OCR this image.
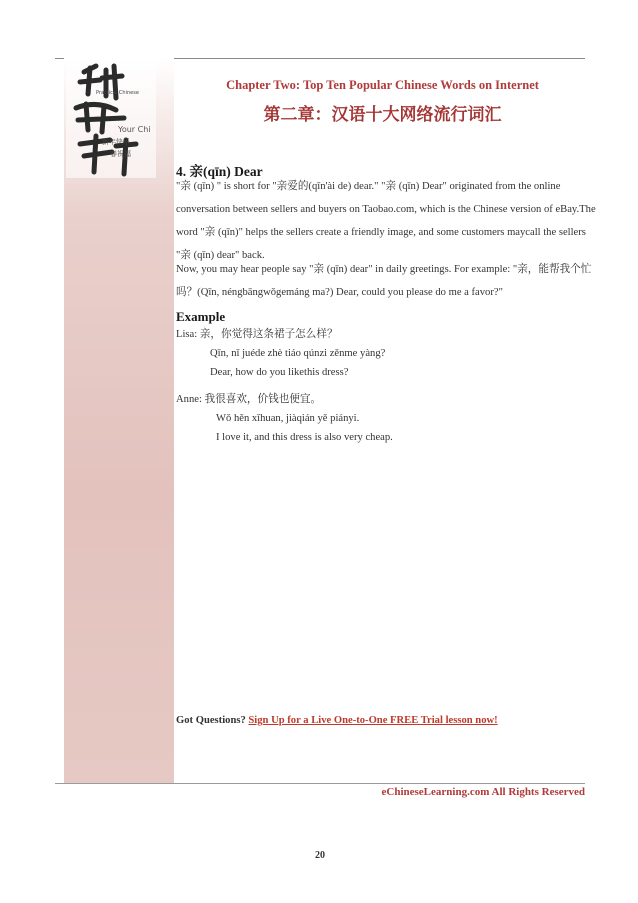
Practical Chinese
Your Chi
新年快乐
春祝福
Chapter Two: Top Ten Popular Chinese Words on Internet
第二章：汉语十大网络流行词汇
4. 亲(qīn) Dear
"亲 (qīn) " is short for "亲爱的(qīn'ài de) dear." "亲 (qīn) Dear" originated from the online conversation between sellers and buyers on Taobao.com, which is the Chinese version of eBay.The word "亲 (qīn)" helps the sellers create a friendly image, and some customers maycall the sellers "亲 (qīn) dear" back.
Now, you may hear people say "亲 (qīn) dear" in daily greetings. For example: "亲，能帮我个忙吗？(Qīn, néngbāngwǒgemáng ma?) Dear, could you please do me a favor?"
Example
Lisa: 亲，你觉得这条裙子怎么样？
Qīn, nǐ juéde zhè tiáo qúnzi zěnme yàng?
Dear, how do you likethis dress?
Anne: 我很喜欢，价钱也便宜。
Wǒ hěn xǐhuan, jiàqián yě piányi.
I love it, and this dress is also very cheap.
Got Questions? Sign Up for a Live One-to-One FREE Trial lesson now!
eChineseLearning.com All Rights Reserved
20
